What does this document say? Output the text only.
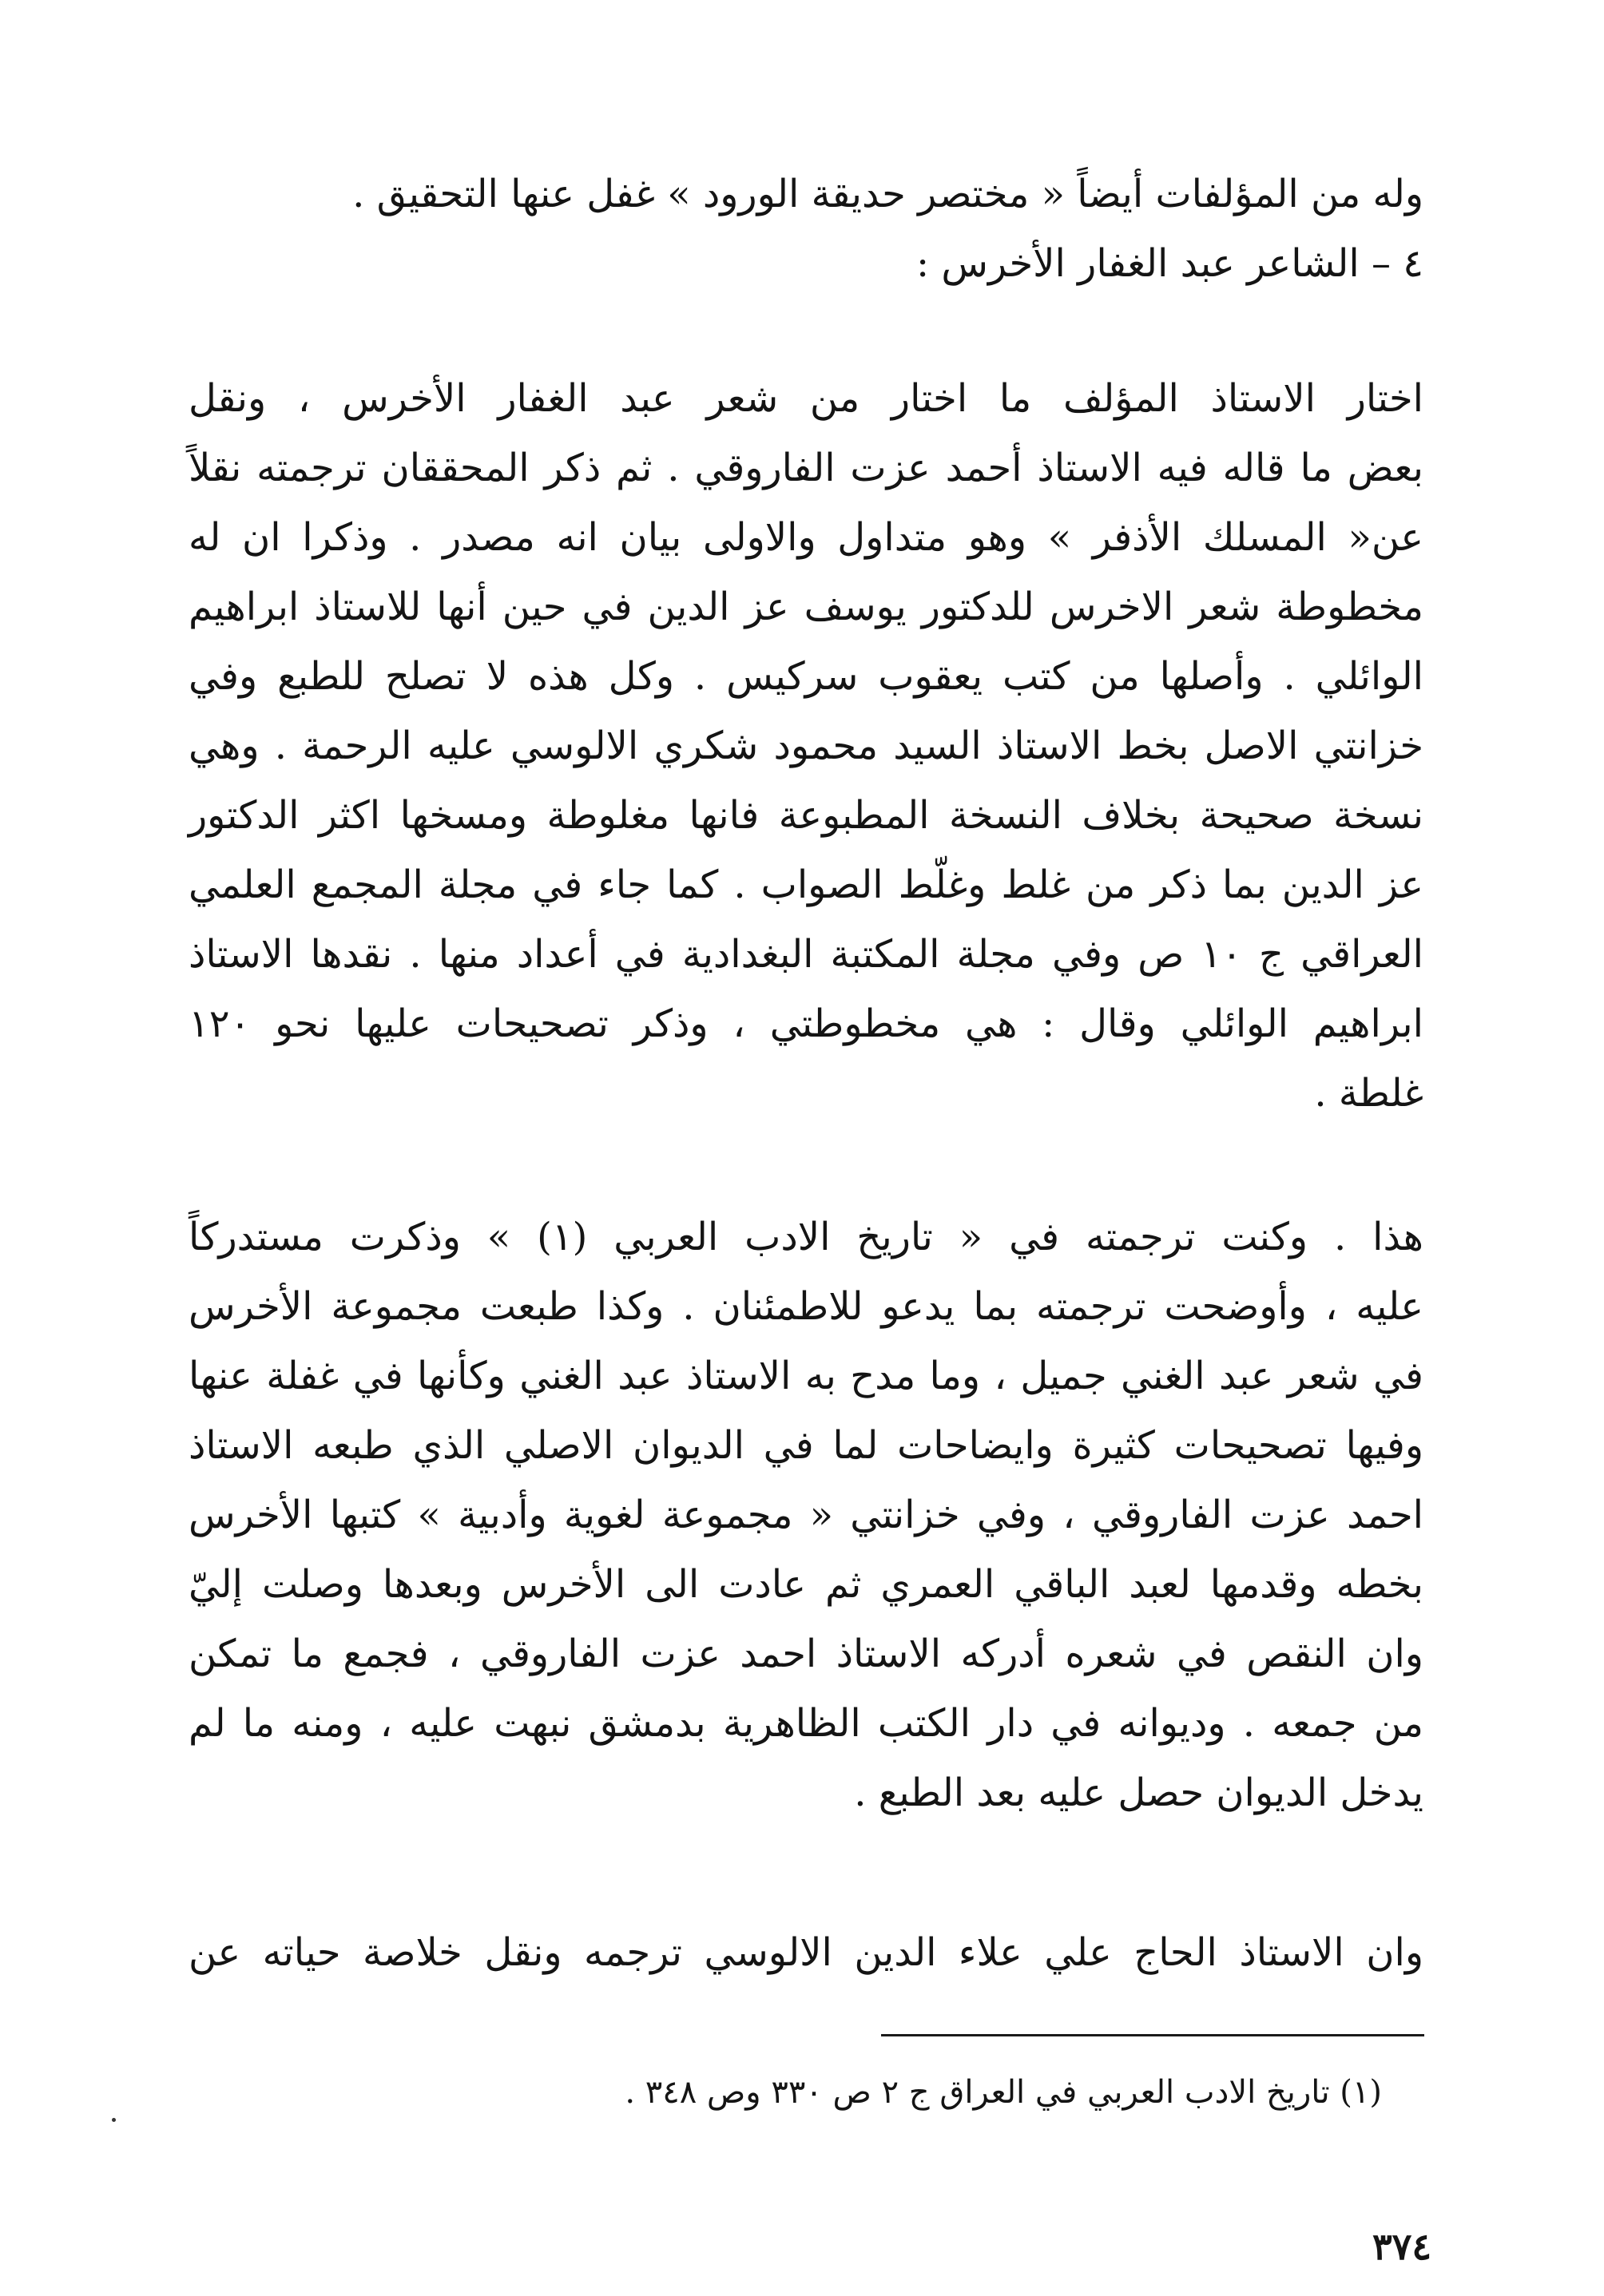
وله من المؤلفات أيضاً « مختصر حديقة الورود » غفل عنها التحقيق .
٤ – الشاعر عبد الغفار الأخرس :
اختار الاستاذ المؤلف ما اختار من شعر عبد الغفار الأخرس ، ونقل
بعض ما قاله فيه الاستاذ أحمد عزت الفاروقي . ثم ذكر المحققان ترجمته نقلاً
عن« المسلك الأذفر » وهو متداول والاولى بيان انه مصدر . وذكرا ان له
مخطوطة شعر الاخرس للدكتور يوسف عز الدين في حين أنها للاستاذ ابراهيم
الوائلي . وأصلها من كتب يعقوب سركيس . وكل هذه لا تصلح للطبع وفي
خزانتي الاصل بخط الاستاذ السيد محمود شكري الالوسي عليه الرحمة . وهي
نسخة صحيحة بخلاف النسخة المطبوعة فانها مغلوطة ومسخها اكثر الدكتور
عز الدين بما ذكر من غلط وغلّط الصواب . كما جاء في مجلة المجمع العلمي
العراقي ج ١٠ ص وفي مجلة المكتبة البغدادية في أعداد منها . نقدها الاستاذ
ابراهيم الوائلي وقال : هي مخطوطتي ، وذكر تصحيحات عليها نحو ١٢٠
غلطة .
هذا . وكنت ترجمته في « تاريخ الادب العربي (١) » وذكرت مستدركاً
عليه ، وأوضحت ترجمته بما يدعو للاطمئنان . وكذا طبعت مجموعة الأخرس
في شعر عبد الغني جميل ، وما مدح به الاستاذ عبد الغني وكأنها في غفلة عنها
وفيها تصحيحات كثيرة وايضاحات لما في الديوان الاصلي الذي طبعه الاستاذ
احمد عزت الفاروقي ، وفي خزانتي « مجموعة لغوية وأدبية » كتبها الأخرس
بخطه وقدمها لعبد الباقي العمري ثم عادت الى الأخرس وبعدها وصلت إليّ
وان النقص في شعره أدركه الاستاذ احمد عزت الفاروقي ، فجمع ما تمكن
من جمعه . وديوانه في دار الكتب الظاهرية بدمشق نبهت عليه ، ومنه ما لم
يدخل الديوان حصل عليه بعد الطبع .
وان الاستاذ الحاج علي علاء الدين الالوسي ترجمه ونقل خلاصة حياته عن
(١) تاريخ الادب العربي في العراق ج ٢ ص ٣٣٠ وص ٣٤٨ .
٣٧٤
